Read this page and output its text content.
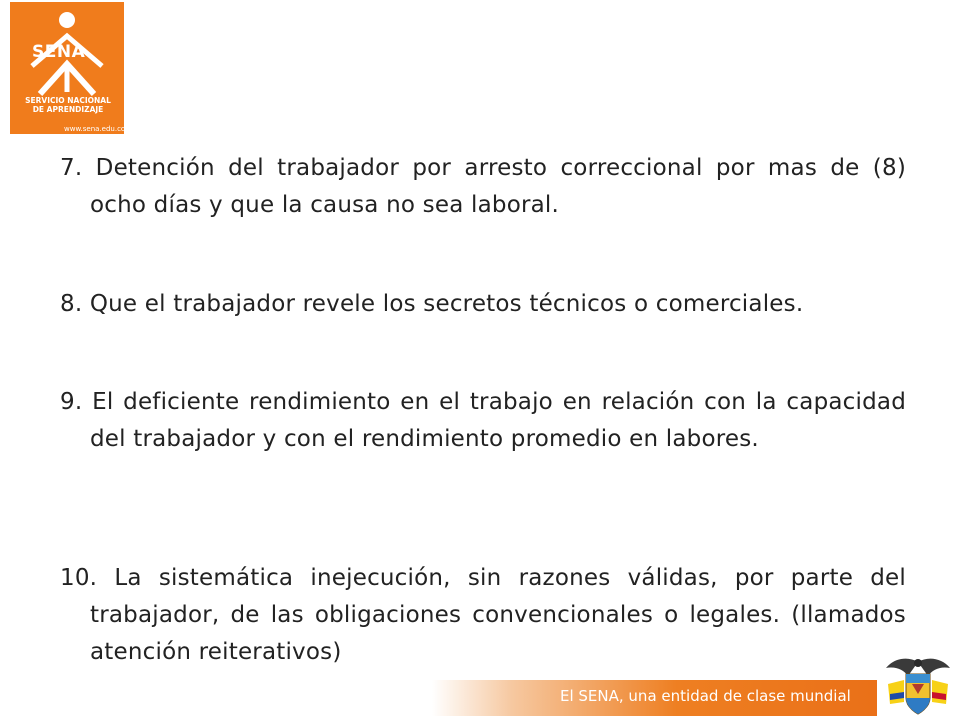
SENA
SERVICIO NACIONAL
DE APRENDIZAJE
www.sena.edu.co
7. Detención del trabajador por arresto correccional por mas de (8) ocho días y que la causa no sea laboral.
8. Que el trabajador revele los secretos técnicos o comerciales.
9. El deficiente rendimiento en el trabajo en relación con la capacidad del trabajador y con el rendimiento promedio en labores.
10. La sistemática inejecución, sin razones válidas, por parte del trabajador, de las obligaciones convencionales o legales. (llamados atención reiterativos)
El SENA, una entidad de clase mundial
